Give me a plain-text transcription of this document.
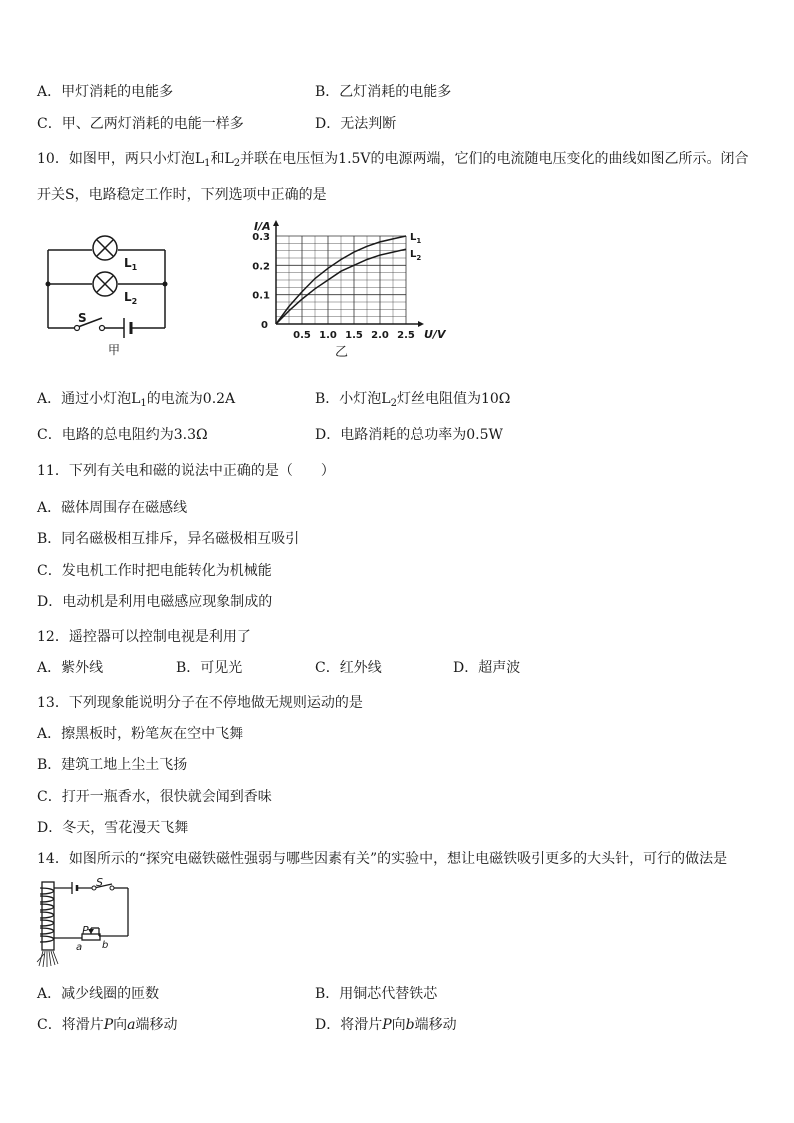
A．甲灯消耗的电能多	B．乙灯消耗的电能多
C．甲、乙两灯消耗的电能一样多	D．无法判断
10．如图甲，两只小灯泡$L_1$和$L_2$并联在电压恒为1.5V的电源两端，它们的电流随电压变化的曲线如图乙所示。闭合
开关S，电路稳定工作时，下列选项中正确的是
$L_1$
$L_2$
S
甲
0.5 1.0 1.5 2.0 2.5
0.1
0.2
0.3
0
U/V
I/A
乙
$L_1$
$L_2$
A．通过小灯泡$L_1$的电流为0.2A	B．小灯泡$L_2$灯丝电阻值为10Ω
C．电路的总电阻约为3.3Ω	D．电路消耗的总功率为0.5W
11．下列有关电和磁的说法中正确的是（　　）
A．磁体周围存在磁感线
B．同名磁极相互排斥，异名磁极相互吸引
C．发电机工作时把电能转化为机械能
D．电动机是利用电磁感应现象制成的
12．遥控器可以控制电视是利用了
A．紫外线	B．可见光	C．红外线	D．超声波
13．下列现象能说明分子在不停地做无规则运动的是
A．擦黑板时，粉笔灰在空中飞舞
B．建筑工地上尘土飞扬
C．打开一瓶香水，很快就会闻到香味
D．冬天，雪花漫天飞舞
14．如图所示的“探究电磁铁磁性强弱与哪些因素有关”的实验中，想让电磁铁吸引更多的大头针，可行的做法是
S
P
a b
A．减少线圈的匝数	B．用铜芯代替铁芯
C．将滑片P向a端移动	D．将滑片P向b端移动
